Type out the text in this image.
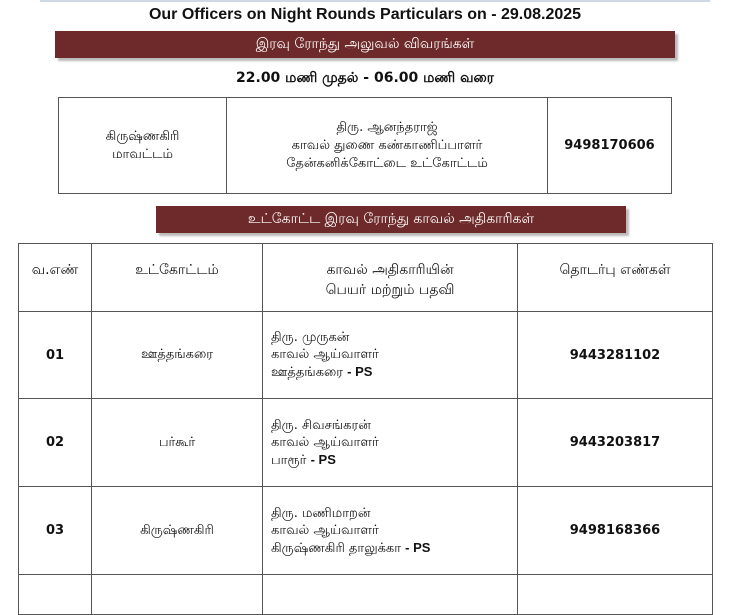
Our Officers on Night Rounds Particulars on - 29.08.2025
இரவு ரோந்து அலுவல் விவரங்கள்
22.00 மணி முதல் - 06.00 மணி வரை
கிருஷ்ணகிரி
மாவட்டம்

திரு. ஆனந்தராஜ்
காவல் துணை கண்காணிப்பாளர்
தேன்கனிக்கோட்டை உட்கோட்டம்
	9498170606
உட்கோட்ட இரவு ரோந்து காவல் அதிகாரிகள்
வ.எண்	உட்கோட்டம்	காவல் அதிகாரியின்
பெயர் மற்றும் பதவி	தொடர்பு எண்கள்
01	ஊத்தங்கரை	திரு. முருகன்
காவல் ஆய்வாளர்
ஊத்தங்கரை - PS	9443281102
02	பர்கூர்	திரு. சிவசங்கரன்
காவல் ஆய்வாளர்
பாரூர் - PS	9443203817
03	கிருஷ்ணகிரி	திரு. மணிமாறன்
காவல் ஆய்வாளர்
கிருஷ்ணகிரி தாலுக்கா - PS	9498168366
